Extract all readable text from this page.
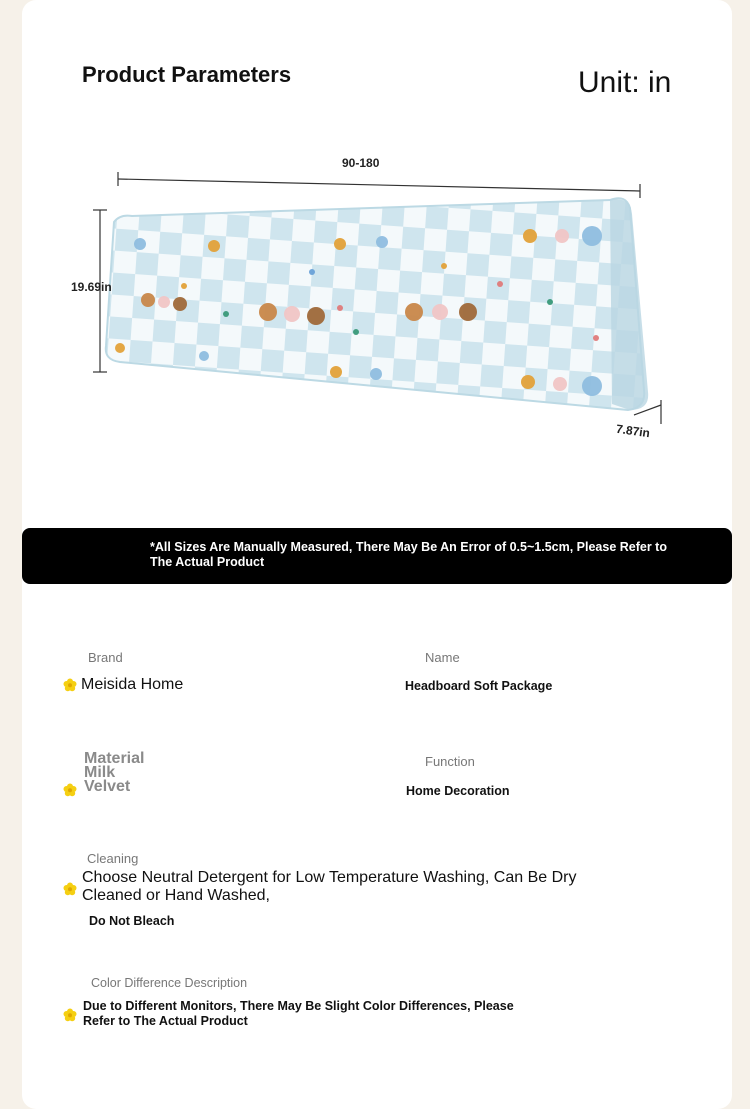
Product Parameters	Unit: in
90-180
19.69in
7.87in
*All Sizes Are Manually Measured, There May Be An Error of 0.5~1.5cm, Please Refer to The Actual Product
Brand
Meisida Home
Name
Headboard Soft Package
Material
Milk
Velvet
Function
Home Decoration
Cleaning
Choose Neutral Detergent for Low Temperature Washing, Can Be Dry Cleaned or Hand Washed,
Do Not Bleach
Color Difference Description
Due to Different Monitors, There May Be Slight Color Differences, Please Refer to The Actual Product
